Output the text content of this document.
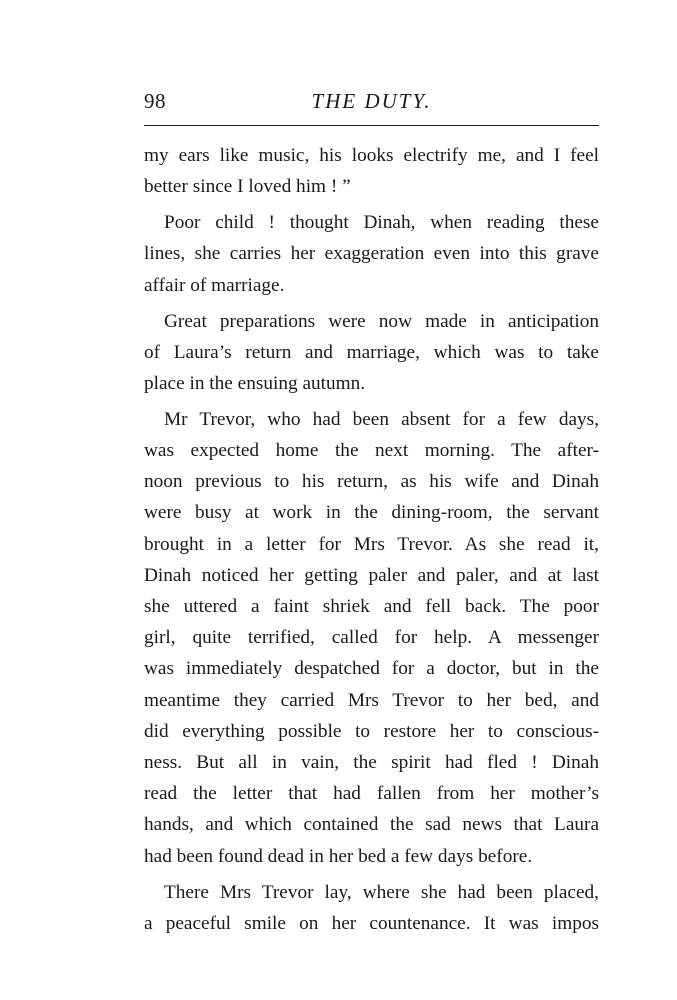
98	THE DUTY.
my ears like music, his looks electrify me, and I feel
better since I loved him ! ”
Poor child ! thought Dinah, when reading these
lines, she carries her exaggeration even into this grave
affair of marriage.
Great preparations were now made in anticipation
of Laura’s return and marriage, which was to take
place in the ensuing autumn.
Mr Trevor, who had been absent for a few days,
was expected home the next morning. The after-
noon previous to his return, as his wife and Dinah
were busy at work in the dining-room, the servant
brought in a letter for Mrs Trevor. As she read it,
Dinah noticed her getting paler and paler, and at last
she uttered a faint shriek and fell back. The poor
girl, quite terrified, called for help. A messenger
was immediately despatched for a doctor, but in the
meantime they carried Mrs Trevor to her bed, and
did everything possible to restore her to conscious-
ness. But all in vain, the spirit had fled ! Dinah
read the letter that had fallen from her mother’s
hands, and which contained the sad news that Laura
had been found dead in her bed a few days before.
There Mrs Trevor lay, where she had been placed,
a peaceful smile on her countenance. It was impos
